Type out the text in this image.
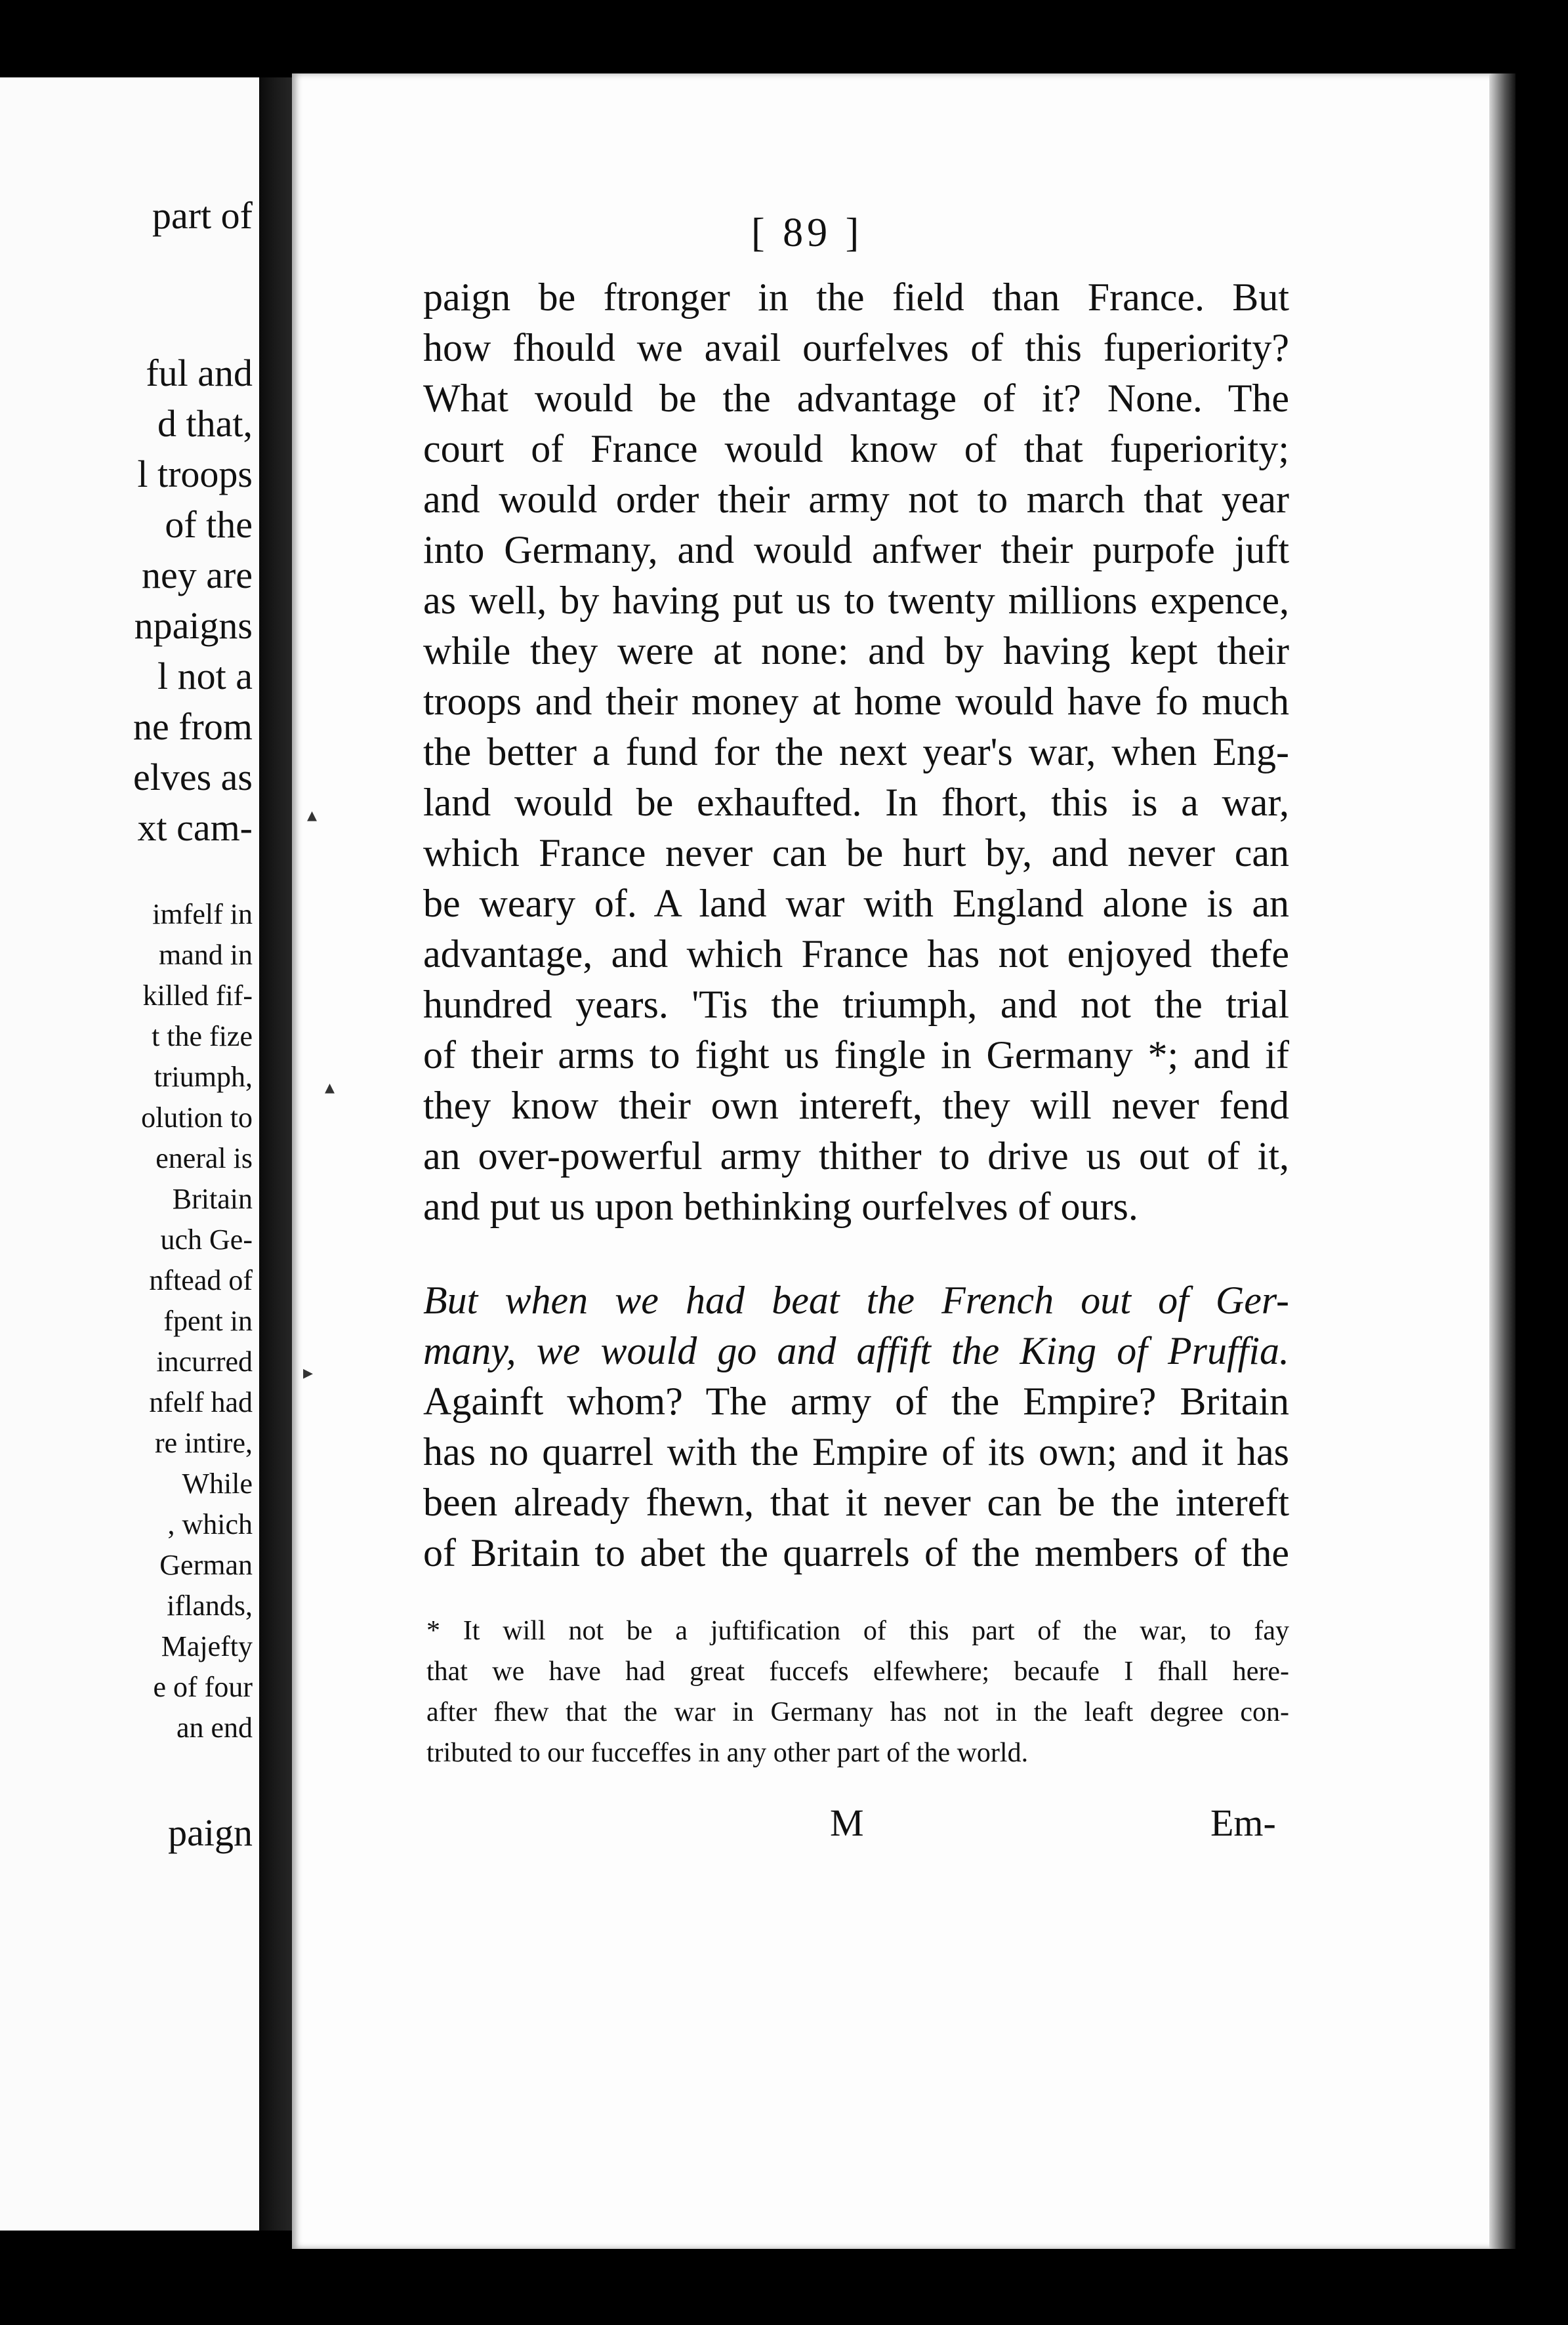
part of
ful and
d that,
l troops
of the
ney are
npaigns
l not a
ne from
elves as
xt cam-
imfelf in
mand in
killed fif-
t the fize
triumph,
olution to
eneral is
Britain
uch Ge-
nftead of
fpent in
incurred
nfelf had
re intire,
While
, which
German
iflands,
Majefty
e of four
an end
paign
[ 89 ]
paign be ftronger in the field than France. But
how fhould we avail ourfelves of this fuperiority?
What would be the advantage of it? None. The
court of France would know of that fuperiority;
and would order their army not to march that year
into Germany, and would anfwer their purpofe juft
as well, by having put us to twenty millions expence,
while they were at none: and by having kept their
troops and their money at home would have fo much
the better a fund for the next year's war, when Eng-
land would be exhaufted. In fhort, this is a war,
which France never can be hurt by, and never can
be weary of. A land war with England alone is an
advantage, and which France has not enjoyed thefe
hundred years. 'Tis the triumph, and not the trial
of their arms to fight us fingle in Germany *; and if
they know their own intereft, they will never fend
an over-powerful army thither to drive us out of it,
and put us upon bethinking ourfelves of ours.
But when we had beat the French out of Ger-
many, we would go and affift the King of Pruffia.
Againft whom? The army of the Empire? Britain
has no quarrel with the Empire of its own; and it has
been already fhewn, that it never can be the intereft
of Britain to abet the quarrels of the members of the
* It will not be a juftification of this part of the war, to fay
that we have had great fuccefs elfewhere; becaufe I fhall here-
after fhew that the war in Germany has not in the leaft degree con-
tributed to our fucceffes in any other part of the world.
M	Em-
▴
▴
▸
